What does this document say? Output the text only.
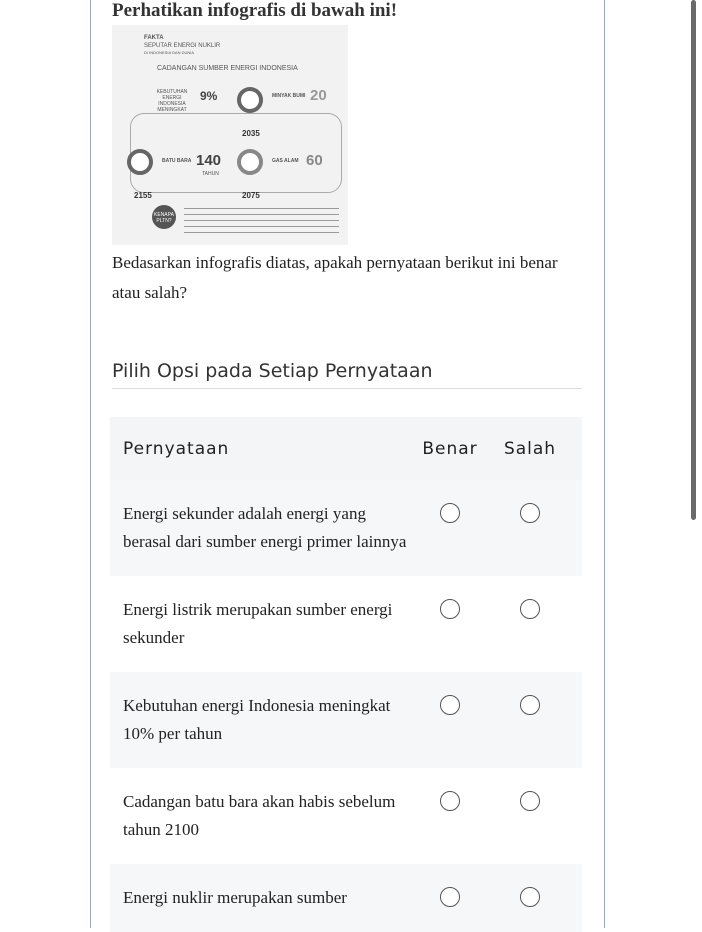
Perhatikan infografis di bawah ini!
FAKTA
SEPUTAR ENERGI NUKLIR
DI INDONESIA DAN DUNIA
CADANGAN SUMBER ENERGI INDONESIA
KEBUTUHAN ENERGI INDONESIA MENINGKAT
9%	MINYAK BUMI 20
2035
BATU BARA 140	GAS ALAM 60
TAHUN
2155	2075
KENAPA PLTN?
Bedasarkan infografis diatas, apakah pernyataan berikut ini benar atau salah?
Pilih Opsi pada Setiap Pernyataan
Pernyataan	Benar	Salah
Energi sekunder adalah energi yang berasal dari sumber energi primer lainnya
Energi listrik merupakan sumber energi sekunder
Kebutuhan energi Indonesia meningkat 10% per tahun
Cadangan batu bara akan habis sebelum tahun 2100
Energi nuklir merupakan sumber
